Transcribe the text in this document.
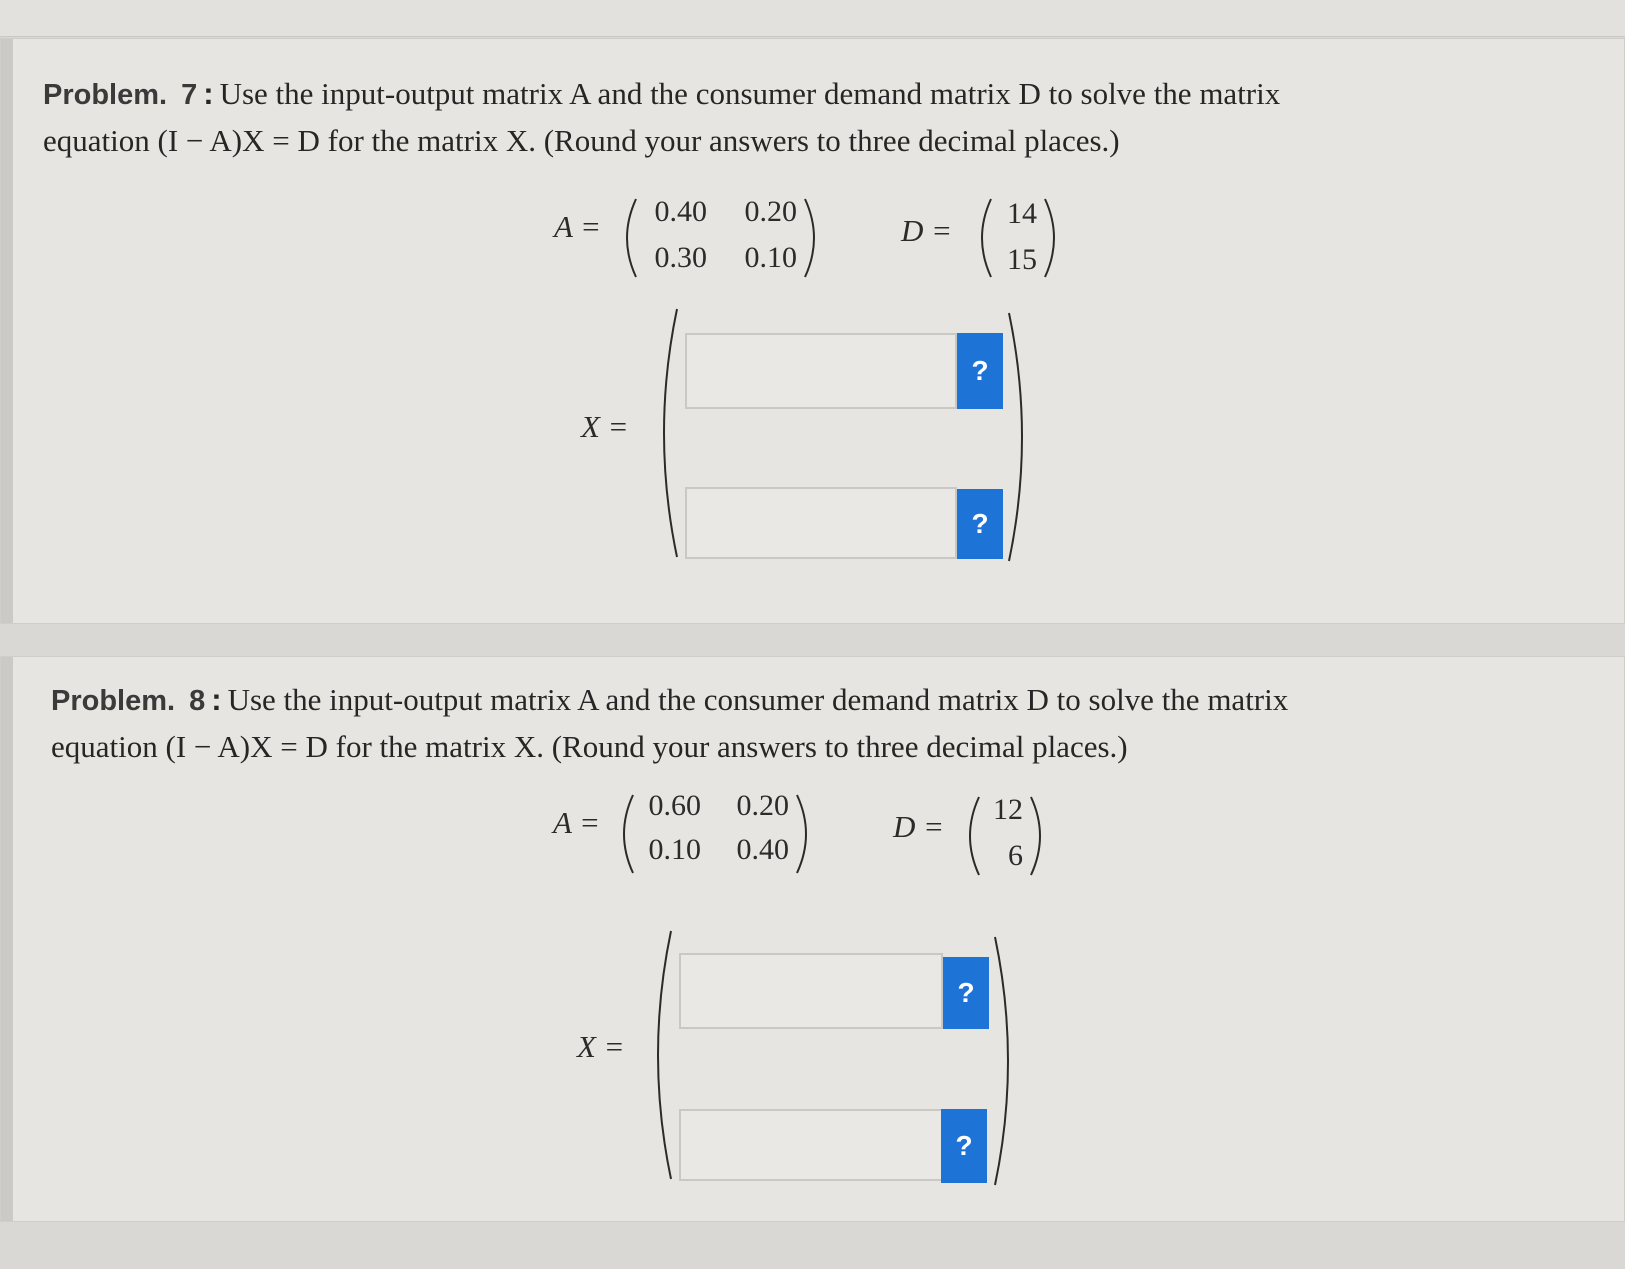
Problem. 7 : Use the input-output matrix A and the consumer demand matrix D to solve the matrix
equation (I − A)X = D for the matrix X. (Round your answers to three decimal places.)
A =	0.40	0.20
0.30	0.10
D =	14
15
X =
?
?
Problem. 8 : Use the input-output matrix A and the consumer demand matrix D to solve the matrix
equation (I − A)X = D for the matrix X. (Round your answers to three decimal places.)
A =	0.60	0.20
0.10	0.40
D =	12
6
X =
?
?
